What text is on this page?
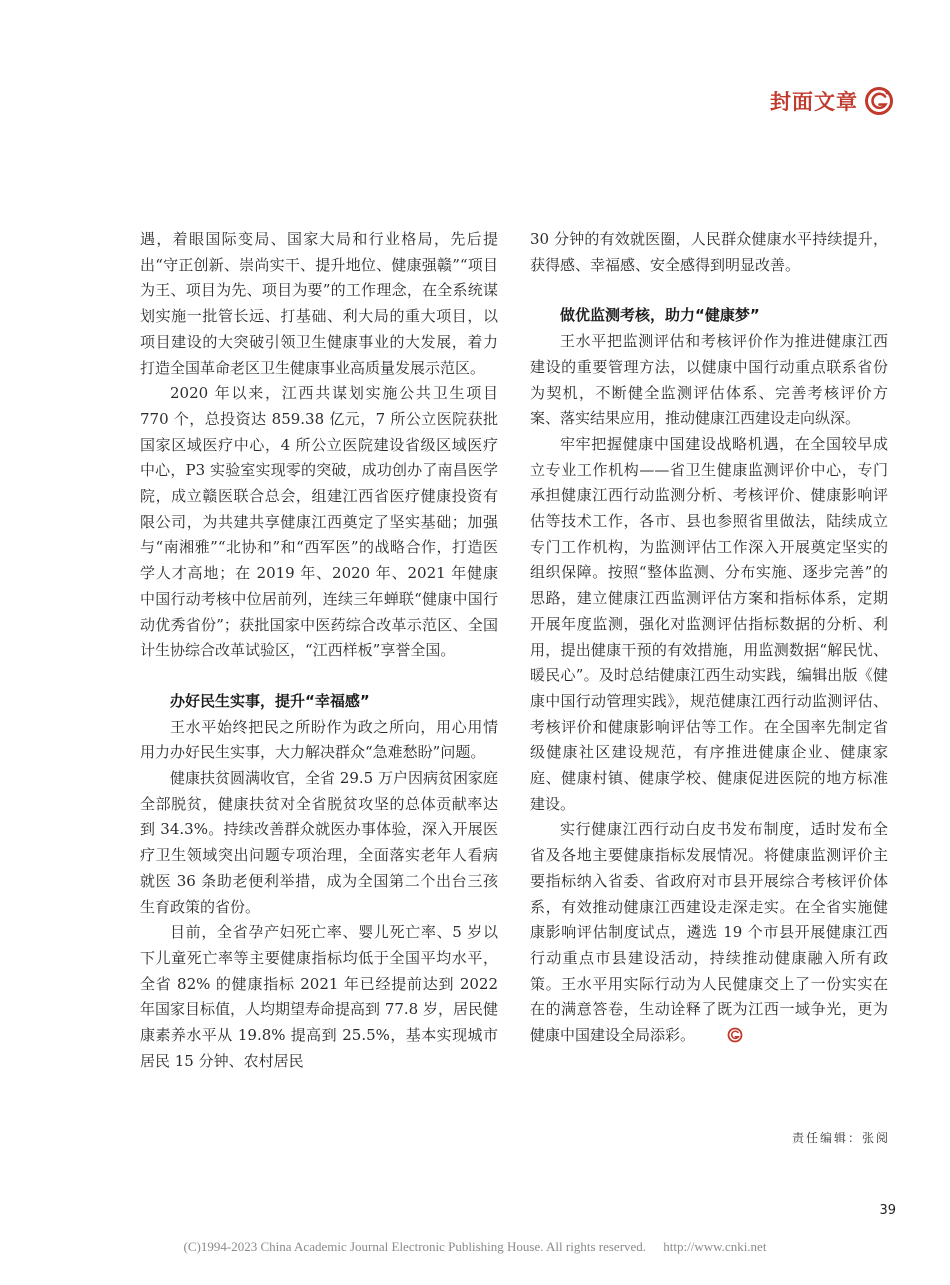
封面文章

遇，着眼国际变局、国家大局和行业格局，先后提出“守正创新、崇尚实干、提升地位、健康强赣”“项目为王、项目为先、项目为要”的工作理念，在全系统谋划实施一批管长远、打基础、利大局的重大项目，以项目建设的大突破引领卫生健康事业的大发展，着力打造全国革命老区卫生健康事业高质量发展示范区。

2020 年以来，江西共谋划实施公共卫生项目 770 个，总投资达 859.38 亿元，7 所公立医院获批国家区域医疗中心，4 所公立医院建设省级区域医疗中心，P3 实验室实现零的突破，成功创办了南昌医学院，成立赣医联合总会，组建江西省医疗健康投资有限公司，为共建共享健康江西奠定了坚实基础；加强与“南湘雅”“北协和”和“西军医”的战略合作，打造医学人才高地；在 2019 年、2020 年、2021 年健康中国行动考核中位居前列，连续三年蝉联“健康中国行动优秀省份”；获批国家中医药综合改革示范区、全国计生协综合改革试验区，“江西样板”享誉全国。

办好民生实事，提升“幸福感”

王水平始终把民之所盼作为政之所向，用心用情用力办好民生实事，大力解决群众“急难愁盼”问题。

健康扶贫圆满收官，全省 29.5 万户因病贫困家庭全部脱贫，健康扶贫对全省脱贫攻坚的总体贡献率达到 34.3%。持续改善群众就医办事体验，深入开展医疗卫生领域突出问题专项治理，全面落实老年人看病就医 36 条助老便利举措，成为全国第二个出台三孩生育政策的省份。

目前，全省孕产妇死亡率、婴儿死亡率、5 岁以下儿童死亡率等主要健康指标均低于全国平均水平，全省 82% 的健康指标 2021 年已经提前达到 2022 年国家目标值，人均期望寿命提高到 77.8 岁，居民健康素养水平从 19.8% 提高到 25.5%，基本实现城市居民 15 分钟、农村居民

30 分钟的有效就医圈，人民群众健康水平持续提升，获得感、幸福感、安全感得到明显改善。

做优监测考核，助力“健康梦”

王水平把监测评估和考核评价作为推进健康江西建设的重要管理方法，以健康中国行动重点联系省份为契机，不断健全监测评估体系、完善考核评价方案、落实结果应用，推动健康江西建设走向纵深。

牢牢把握健康中国建设战略机遇，在全国较早成立专业工作机构——省卫生健康监测评价中心，专门承担健康江西行动监测分析、考核评价、健康影响评估等技术工作，各市、县也参照省里做法，陆续成立专门工作机构，为监测评估工作深入开展奠定坚实的组织保障。按照“整体监测、分布实施、逐步完善”的思路，建立健康江西监测评估方案和指标体系，定期开展年度监测，强化对监测评估指标数据的分析、利用，提出健康干预的有效措施，用监测数据“解民忧、暖民心”。及时总结健康江西生动实践，编辑出版《健康中国行动管理实践》，规范健康江西行动监测评估、考核评价和健康影响评估等工作。在全国率先制定省级健康社区建设规范，有序推进健康企业、健康家庭、健康村镇、健康学校、健康促进医院的地方标准建设。

实行健康江西行动白皮书发布制度，适时发布全省及各地主要健康指标发展情况。将健康监测评价主要指标纳入省委、省政府对市县开展综合考核评价体系，有效推动健康江西建设走深走实。在全省实施健康影响评估制度试点，遴选 19 个市县开展健康江西行动重点市县建设活动，持续推动健康融入所有政策。王水平用实际行动为人民健康交上了一份实实在在的满意答卷，生动诠释了既为江西一域争光，更为健康中国建设全局添彩。

责任编辑：张阅
39
(C)1994-2023 China Academic Journal Electronic Publishing House. All rights reserved. http://www.cnki.net
